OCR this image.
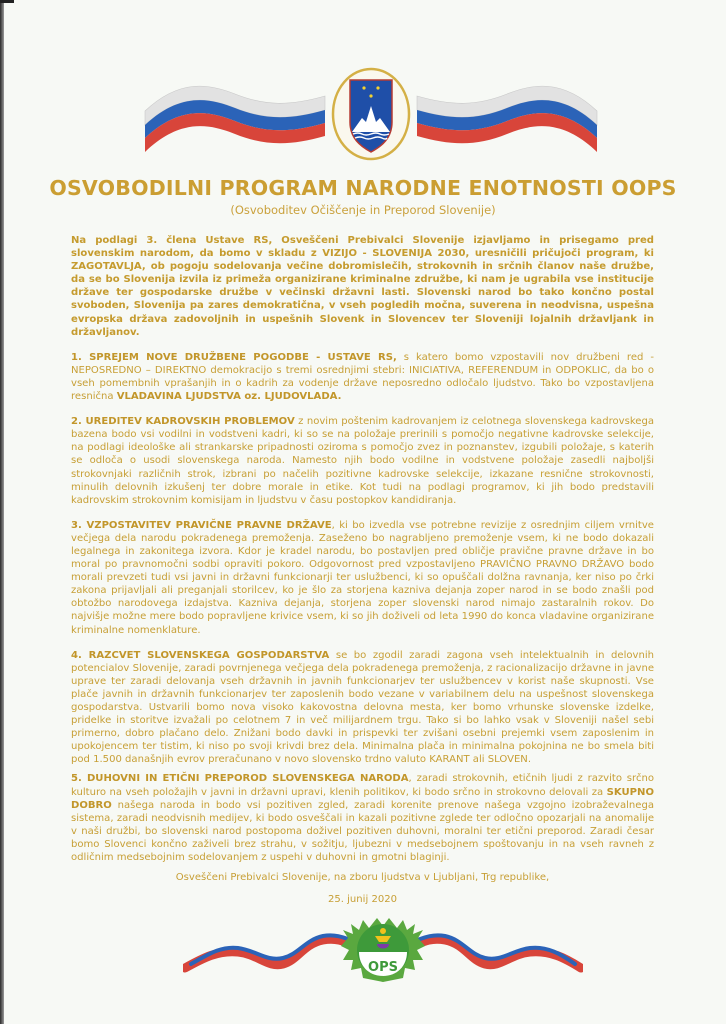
OSVOBODILNI PROGRAM NARODNE ENOTNOSTI OOPS
(Osvoboditev Očiščenje in Preporod Slovenije)

Na podlagi 3. člena Ustave RS, Osveščeni Prebivalci Slovenije izjavljamo in prisegamo pred slovenskim narodom, da bomo v skladu z VIZIJO - SLOVENIJA 2030, uresničili pričujoči program, ki ZAGOTAVLJA, ob pogoju sodelovanja večine dobromislečih, strokovnih in srčnih članov naše družbe, da se bo Slovenija izvila iz primeža organizirane kriminalne združbe, ki nam je ugrabila vse institucije države ter gospodarske družbe v večinski državni lasti. Slovenski narod bo tako končno postal svoboden, Slovenija pa zares demokratična, v vseh pogledih močna, suverena in neodvisna, uspešna evropska država zadovoljnih in uspešnih Slovenk in Slovencev ter Sloveniji lojalnih državljank in državljanov.

1. SPREJEM NOVE DRUŽBENE POGODBE - USTAVE RS, s katero bomo vzpostavili nov družbeni red - NEPOSREDNO – DIREKTNO demokracijo s tremi osrednjimi stebri: INICIATIVA, REFERENDUM in ODPOKLIC, da bo o vseh pomembnih vprašanjih in o kadrih za vodenje države neposredno odločalo ljudstvo. Tako bo vzpostavljena resnična VLADAVINA LJUDSTVA oz. LJUDOVLADA.

2. UREDITEV KADROVSKIH PROBLEMOV z novim poštenim kadrovanjem iz celotnega slovenskega kadrovskega bazena bodo vsi vodilni in vodstveni kadri, ki so se na položaje prerinili s pomočjo negativne kadrovske selekcije, na podlagi ideološke ali strankarske pripadnosti oziroma s pomočjo zvez in poznanstev, izgubili položaje, s katerih se odloča o usodi slovenskega naroda. Namesto njih bodo vodilne in vodstvene položaje zasedli najboljši strokovnjaki različnih strok, izbrani po načelih pozitivne kadrovske selekcije, izkazane resnične strokovnosti, minulih delovnih izkušenj ter dobre morale in etike. Kot tudi na podlagi programov, ki jih bodo predstavili kadrovskim strokovnim komisijam in ljudstvu v času postopkov kandidiranja.

3. VZPOSTAVITEV PRAVIČNE PRAVNE DRŽAVE, ki bo izvedla vse potrebne revizije z osrednjim ciljem vrnitve večjega dela narodu pokradenega premoženja. Zaseženo bo nagrabljeno premoženje vsem, ki ne bodo dokazali legalnega in zakonitega izvora. Kdor je kradel narodu, bo postavljen pred obličje pravične pravne države in bo moral po pravnomočni sodbi opraviti pokoro. Odgovornost pred vzpostavljeno PRAVIČNO PRAVNO DRŽAVO bodo morali prevzeti tudi vsi javni in državni funkcionarji ter uslužbenci, ki so opuščali dolžna ravnanja, ker niso po črki zakona prijavljali ali preganjali storilcev, ko je šlo za storjena kazniva dejanja zoper narod in se bodo znašli pod obtožbo narodovega izdajstva. Kazniva dejanja, storjena zoper slovenski narod nimajo zastaralnih rokov. Do najvišje možne mere bodo popravljene krivice vsem, ki so jih doživeli od leta 1990 do konca vladavine organizirane kriminalne nomenklature.

4. RAZCVET SLOVENSKEGA GOSPODARSTVA se bo zgodil zaradi zagona vseh intelektualnih in delovnih potencialov Slovenije, zaradi povrnjenega večjega dela pokradenega premoženja, z racionalizacijo državne in javne uprave ter zaradi delovanja vseh državnih in javnih funkcionarjev ter uslužbencev v korist naše skupnosti. Vse plače javnih in državnih funkcionarjev ter zaposlenih bodo vezane v variabilnem delu na uspešnost slovenskega gospodarstva. Ustvarili bomo nova visoko kakovostna delovna mesta, ker bomo vrhunske slovenske izdelke, pridelke in storitve izvažali po celotnem 7 in več milijardnem trgu. Tako si bo lahko vsak v Sloveniji našel sebi primerno, dobro plačano delo. Znižani bodo davki in prispevki ter zvišani osebni prejemki vsem zaposlenim in upokojencem ter tistim, ki niso po svoji krivdi brez dela. Minimalna plača in minimalna pokojnina ne bo smela biti pod 1.500 današnjih evrov preračunano v novo slovensko trdno valuto KARANT ali SLOVEN.

5. DUHOVNI IN ETIČNI PREPOROD SLOVENSKEGA NARODA, zaradi strokovnih, etičnih ljudi z razvito srčno kulturo na vseh položajih v javni in državni upravi, klenih politikov, ki bodo srčno in strokovno delovali za SKUPNO DOBRO našega naroda in bodo vsi pozitiven zgled, zaradi korenite prenove našega vzgojno izobraževalnega sistema, zaradi neodvisnih medijev, ki bodo osveščali in kazali pozitivne zglede ter odločno opozarjali na anomalije v naši družbi, bo slovenski narod postopoma doživel pozitiven duhovni, moralni ter etični preporod. Zaradi česar bomo Slovenci končno zaživeli brez strahu, v sožitju, ljubezni v medsebojnem spoštovanju in na vseh ravneh z odličnim medsebojnim sodelovanjem z uspehi v duhovni in gmotni blaginji.

Osveščeni Prebivalci Slovenije, na zboru ljudstva v Ljubljani, Trg republike,

25. junij 2020

OPS
